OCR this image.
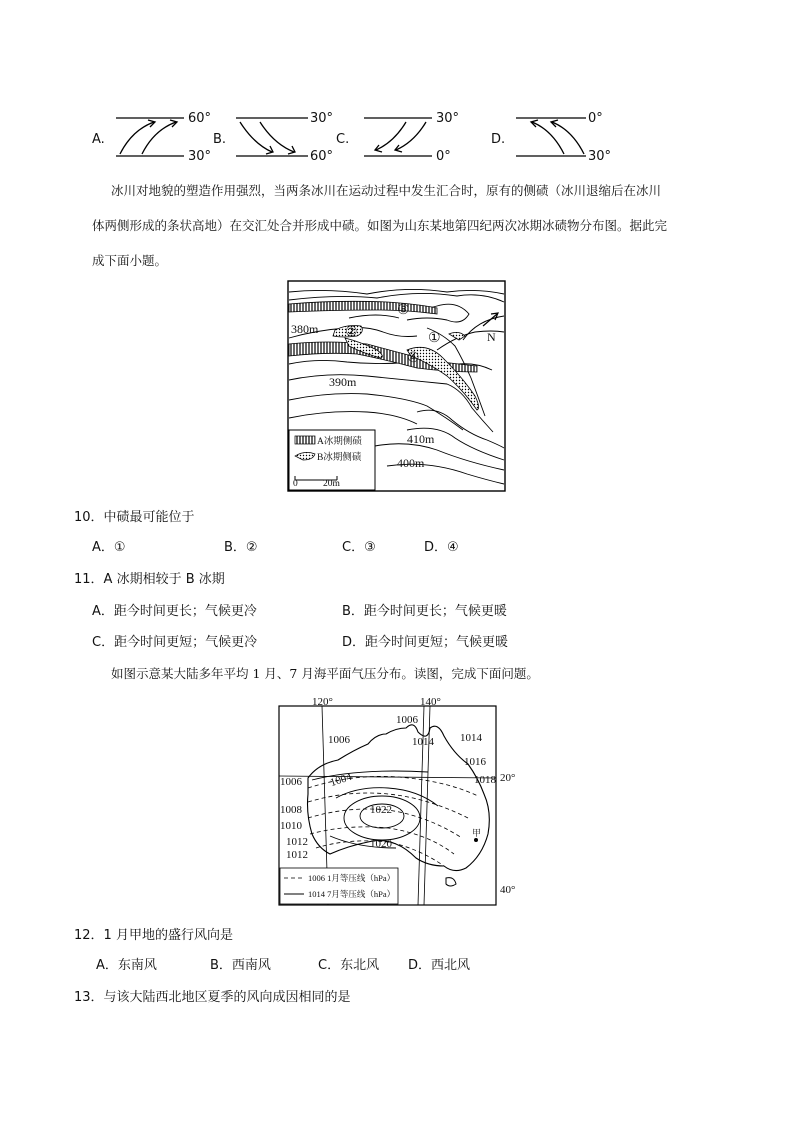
A.
60°
30°
B.
30°
60°
C.
30°
0°
D.
0°
30°
冰川对地貌的塑造作用强烈，当两条冰川在运动过程中发生汇合时，原有的侧碛（冰川退缩后在冰川
体两侧形成的条状高地）在交汇处合并形成中碛。如图为山东某地第四纪两次冰期冰碛物分布图。据此完
成下面小题。
380m
390m
410m
400m
①
②
③
④
N
A冰期侧碛
B冰期侧碛
0	20m
10．中碛最可能位于
A．①	B．②	C．③	D．④
11．A 冰期相较于 B 冰期
A．距今时间更长；气候更冷	B．距今时间更长；气候更暖
C．距今时间更短；气候更冷	D．距今时间更短；气候更暖
如图示意某大陆多年平均 1 月、7 月海平面气压分布。读图，完成下面问题。
120°	140°
20°
40°
1006
1006	1014 1014
1016
1006 1004	1018
1008	1022
1010
1012
1012
1020
甲
1006 1月等压线（hPa）
1014 7月等压线（hPa）
12．1 月甲地的盛行风向是
A．东南风	B．西南风	C．东北风 D．西北风
13．与该大陆西北地区夏季的风向成因相同的是
